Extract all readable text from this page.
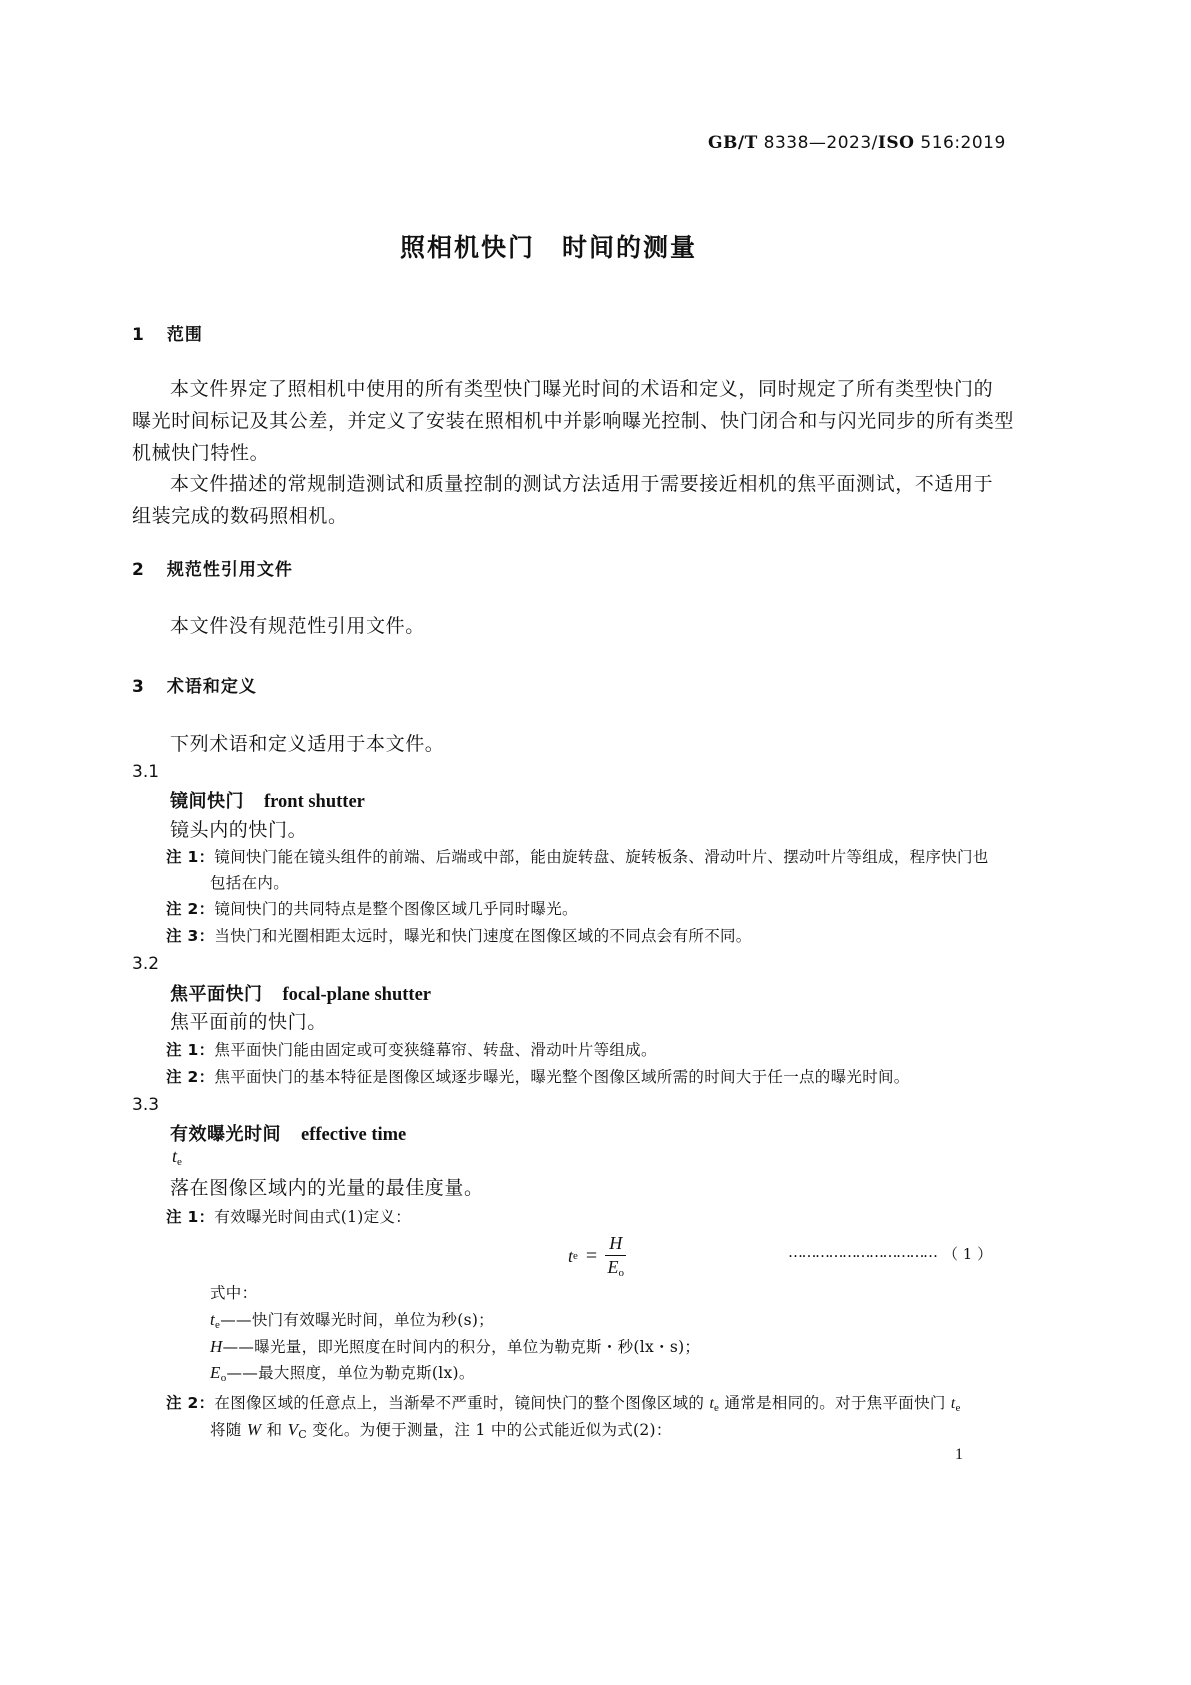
GB/T 8338—2023/ISO 516:2019
照相机快门　时间的测量
1 范围
本文件界定了照相机中使用的所有类型快门曝光时间的术语和定义，同时规定了所有类型快门的
曝光时间标记及其公差，并定义了安装在照相机中并影响曝光控制、快门闭合和与闪光同步的所有类型
机械快门特性。
本文件描述的常规制造测试和质量控制的测试方法适用于需要接近相机的焦平面测试，不适用于
组装完成的数码照相机。
2 规范性引用文件
本文件没有规范性引用文件。
3 术语和定义
下列术语和定义适用于本文件。
3.1
镜间快门 front shutter
镜头内的快门。
注 1：镜间快门能在镜头组件的前端、后端或中部，能由旋转盘、旋转板条、滑动叶片、摆动叶片等组成，程序快门也
包括在内。
注 2：镜间快门的共同特点是整个图像区域几乎同时曝光。
注 3：当快门和光圈相距太远时，曝光和快门速度在图像区域的不同点会有所不同。
3.2
焦平面快门 focal-plane shutter
焦平面前的快门。
注 1：焦平面快门能由固定或可变狭缝幕帘、转盘、滑动叶片等组成。
注 2：焦平面快门的基本特征是图像区域逐步曝光，曝光整个图像区域所需的时间大于任一点的曝光时间。
3.3
有效曝光时间 effective time
$t_e$
落在图像区域内的光量的最佳度量。
注 1：有效曝光时间由式(1)定义：
t $e = \frac{H}{E_o}$	…………………………… （ 1 ）
式中：
$t_e——$快门有效曝光时间，单位为秒(s)；
H——曝光量，即光照度在时间内的积分，单位为勒克斯・秒(lx・s)；
$E_o——$最大照度，单位为勒克斯(lx)。
注 2：在图像区域的任意点上，当渐晕不严重时，镜间快门的整个图像区域的 $t_e$ 通常是相同的。对于焦平面快门 $t_e$
将随 W 和 $V_C$ 变化。为便于测量，注 1 中的公式能近似为式(2)：
1
